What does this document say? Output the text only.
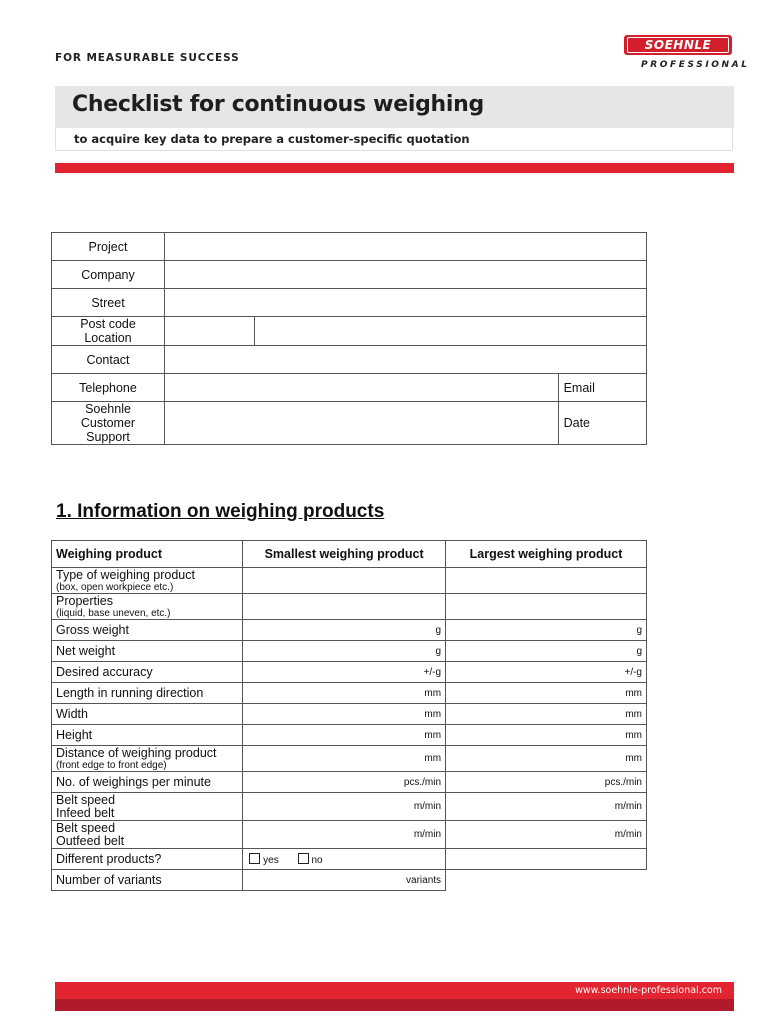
FOR MEASURABLE SUCCESS
SOEHNLE
PROFESSIONAL
Checklist for continuous weighing
to acquire key data to prepare a customer-specific quotation
Project			
Company			
Street			
Post code
Location			
Contact			
Telephone			Email
Soehnle
Customer
Support			Date
1. Information on weighing products
Weighing product	Smallest weighing product	Largest weighing product
Type of weighing product
(box, open workpiece etc.)		

Properties
(liquid, base uneven, etc.)		

Gross weight	g	g
Net weight	g	g
Desired accuracy	+/-g	+/-g
Length in running direction	mm	mm
Width	mm	mm
Height	mm	mm
Distance of weighing product
(front edge to front edge)	mm	mm
No. of weighings per minute	pcs./min	pcs./min
Belt speed
Infeed belt	m/min	m/min
Belt speed
Outfeed belt	m/min	m/min
Different products?	yes no	
Number of variants	variants	
www.soehnle-professional.com
